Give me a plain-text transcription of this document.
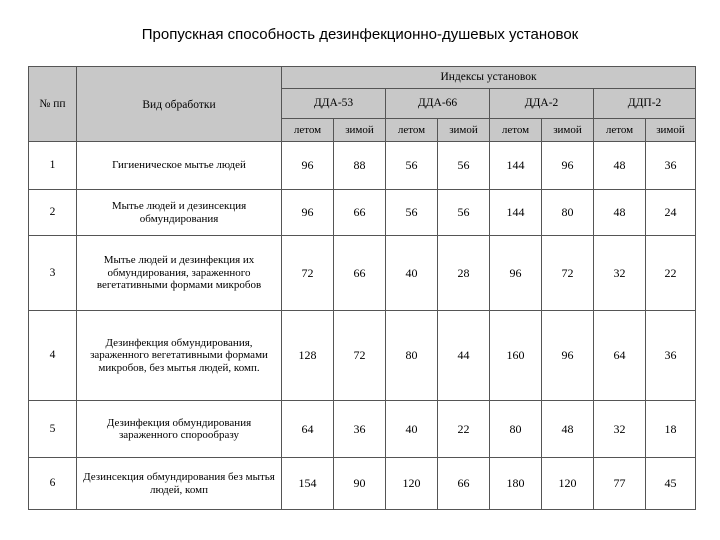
Пропускная способность дезинфекционно-душевых установок
№ пп	Вид обработки	Индексы установок							
		ДДА-53		ДДА-66		ДДА-2		ДДП-2	
		летом	зимой	летом	зимой	летом	зимой	летом	зимой
1	Гигиеническое мытье людей	96	88	56	56	144	96	48	36
2	Мытье людей и дезинсекция обмундирования	96	66	56	56	144	80	48	24
3	Мытье людей и дезинфекция их обмундирования, зараженного вегетативными формами микробов	72	66	40	28	96	72	32	22
4	Дезинфекция обмундирования, зараженного вегетативными формами микробов, без мытья людей, комп.	128	72	80	44	160	96	64	36
5	Дезинфекция обмундирования зараженного спорообразу	64	36	40	22	80	48	32	18
6	Дезинсекция обмундирования без мытья людей, комп	154	90	120	66	180	120	77	45
